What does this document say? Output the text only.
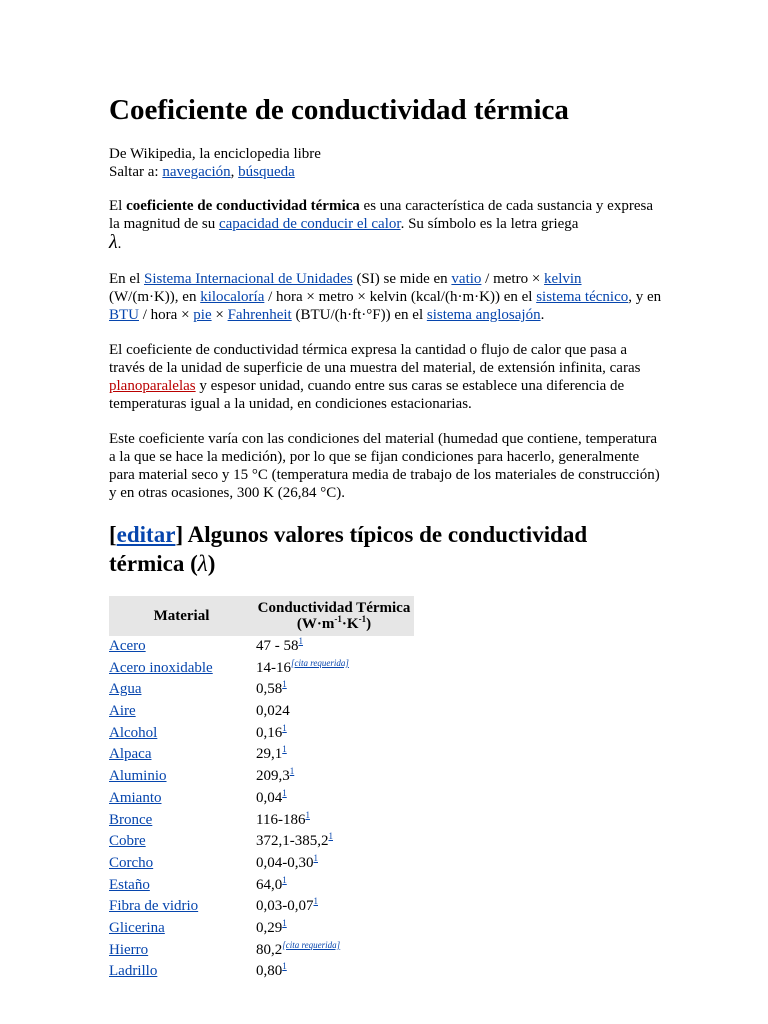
Coeficiente de conductividad térmica
De Wikipedia, la enciclopedia libre
Saltar a: navegación, búsqueda

El coeficiente de conductividad térmica es una característica de cada sustancia y expresa la magnitud de su capacidad de conducir el calor. Su símbolo es la letra griega
λ.

En el Sistema Internacional de Unidades (SI) se mide en vatio / metro × kelvin
(W/(m·K)), en kilocaloría / hora × metro × kelvin (kcal/(h·m·K)) en el sistema técnico, y en BTU / hora × pie × Fahrenheit (BTU/(h·ft·°F)) en el sistema anglosajón.

El coeficiente de conductividad térmica expresa la cantidad o flujo de calor que pasa a través de la unidad de superficie de una muestra del material, de extensión infinita, caras planoparalelas y espesor unidad, cuando entre sus caras se establece una diferencia de temperaturas igual a la unidad, en condiciones estacionarias.

Este coeficiente varía con las condiciones del material (humedad que contiene, temperatura a la que se hace la medición), por lo que se fijan condiciones para hacerlo, generalmente para material seco y 15 °C (temperatura media de trabajo de los materiales de construcción) y en otras ocasiones, 300 K (26,84 °C).

[editar] Algunos valores típicos de conductividad térmica (λ)
Material	Conductividad Térmica
$(W\cdot m^{-1}\cdot K^{-1})$
Acero	47 - 58$^1$
Acero inoxidable	14-16[cita requerida]
Agua	0,58$^1$
Aire	0,024
Alcohol	0,16$^1$
Alpaca	29,1$^1$
Aluminio	209,3$^1$
Amianto	0,04$^1$
Bronce	116-186$^1$
Cobre	372,1-385,2$^1$
Corcho	0,04-0,30$^1$
Estaño	64,0$^1$
Fibra de vidrio	0,03-0,07$^1$
Glicerina	0,29$^1$
Hierro	80,2[cita requerida]
Ladrillo	0,80$^1$
